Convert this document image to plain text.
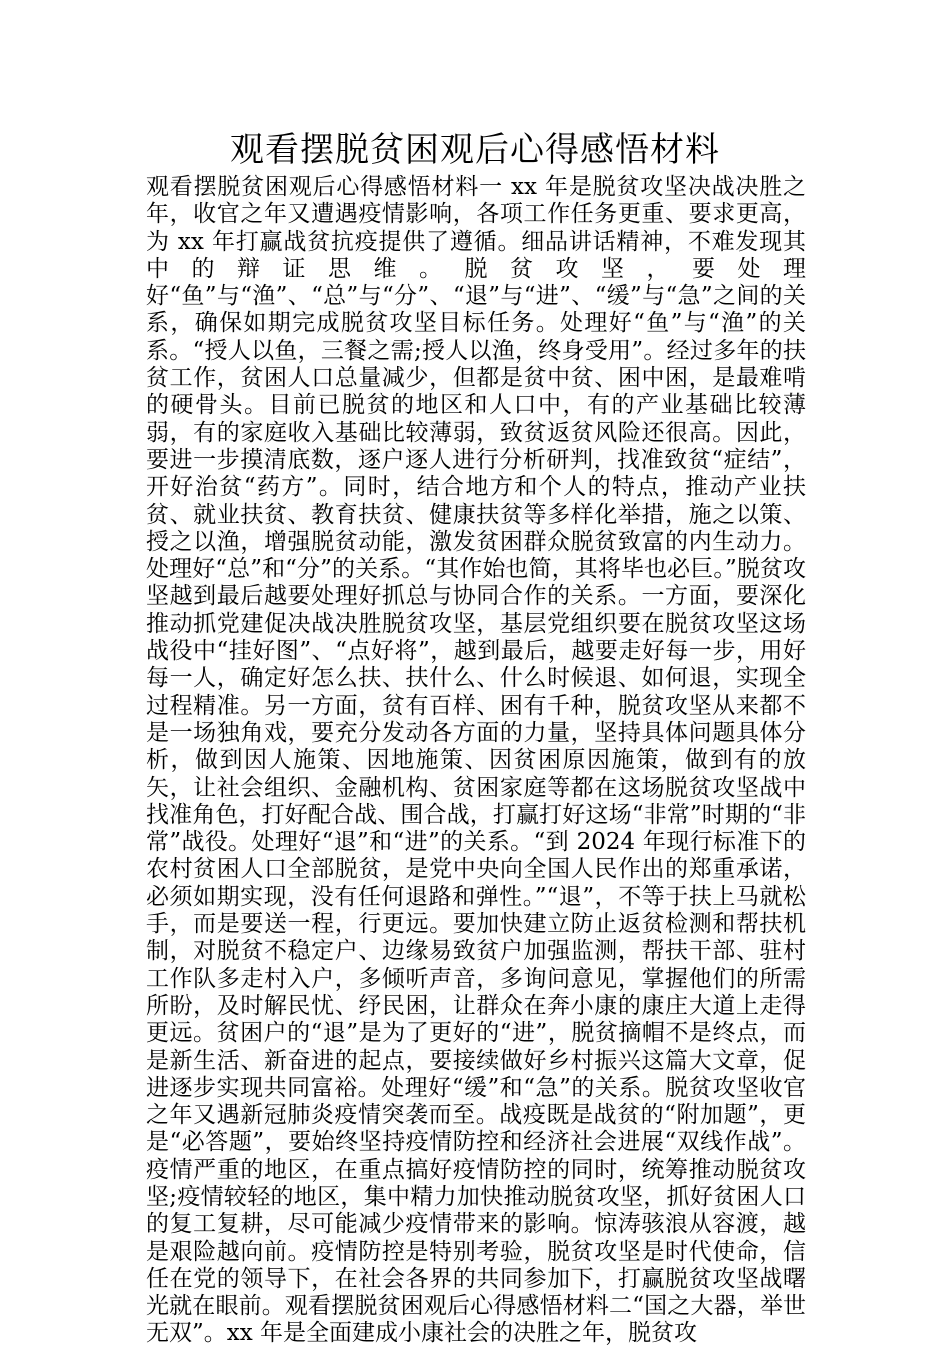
观看摆脱贫困观后心得感悟材料

观看摆脱贫困观后心得感悟材料一 xx 年是脱贫攻坚决战决胜之年，收官之年又遭遇疫情影响，各项工作任务更重、要求更高，为 xx 年打赢战贫抗疫提供了遵循。细品讲话精神，不难发现其中的辩证思维。脱贫攻坚，要处理好“鱼”与“渔”、“总”与“分”、“退”与“进”、“缓”与“急”之间的关系，确保如期完成脱贫攻坚目标任务。处理好“鱼”与“渔”的关系。“授人以鱼，三餐之需;授人以渔，终身受用”。经过多年的扶贫工作，贫困人口总量减少，但都是贫中贫、困中困，是最难啃的硬骨头。目前已脱贫的地区和人口中，有的产业基础比较薄弱，有的家庭收入基础比较薄弱，致贫返贫风险还很高。因此，要进一步摸清底数，逐户逐人进行分析研判，找准致贫“症结”，开好治贫“药方”。同时，结合地方和个人的特点，推动产业扶贫、就业扶贫、教育扶贫、健康扶贫等多样化举措，施之以策、授之以渔，增强脱贫动能，激发贫困群众脱贫致富的内生动力。处理好“总”和“分”的关系。“其作始也简，其将毕也必巨。”脱贫攻坚越到最后越要处理好抓总与协同合作的关系。一方面，要深化推动抓党建促决战决胜脱贫攻坚，基层党组织要在脱贫攻坚这场战役中“挂好图”、“点好将”，越到最后，越要走好每一步，用好每一人，确定好怎么扶、扶什么、什么时候退、如何退，实现全过程精准。另一方面，贫有百样、困有千种，脱贫攻坚从来都不是一场独角戏，要充分发动各方面的力量，坚持具体问题具体分析，做到因人施策、因地施策、因贫困原因施策，做到有的放矢，让社会组织、金融机构、贫困家庭等都在这场脱贫攻坚战中找准角色，打好配合战、围合战，打赢打好这场“非常”时期的“非常”战役。处理好“退”和“进”的关系。“到 2024 年现行标准下的农村贫困人口全部脱贫，是党中央向全国人民作出的郑重承诺，必须如期实现，没有任何退路和弹性。”“退”，不等于扶上马就松手，而是要送一程，行更远。要加快建立防止返贫检测和帮扶机制，对脱贫不稳定户、边缘易致贫户加强监测，帮扶干部、驻村工作队多走村入户，多倾听声音，多询问意见，掌握他们的所需所盼，及时解民忧、纾民困，让群众在奔小康的康庄大道上走得更远。贫困户的“退”是为了更好的“进”，脱贫摘帽不是终点，而是新生活、新奋进的起点，要接续做好乡村振兴这篇大文章，促进逐步实现共同富裕。处理好“缓”和“急”的关系。脱贫攻坚收官之年又遇新冠肺炎疫情突袭而至。战疫既是战贫的“附加题”，更是“必答题”，要始终坚持疫情防控和经济社会进展“双线作战”。疫情严重的地区，在重点搞好疫情防控的同时，统筹推动脱贫攻坚;疫情较轻的地区，集中精力加快推动脱贫攻坚，抓好贫困人口的复工复耕，尽可能减少疫情带来的影响。惊涛骇浪从容渡，越是艰险越向前。疫情防控是特别考验，脱贫攻坚是时代使命，信任在党的领导下，在社会各界的共同参加下，打赢脱贫攻坚战曙光就在眼前。观看摆脱贫困观后心得感悟材料二“国之大器，举世无双”。xx 年是全面建成小康社会的决胜之年，脱贫攻
